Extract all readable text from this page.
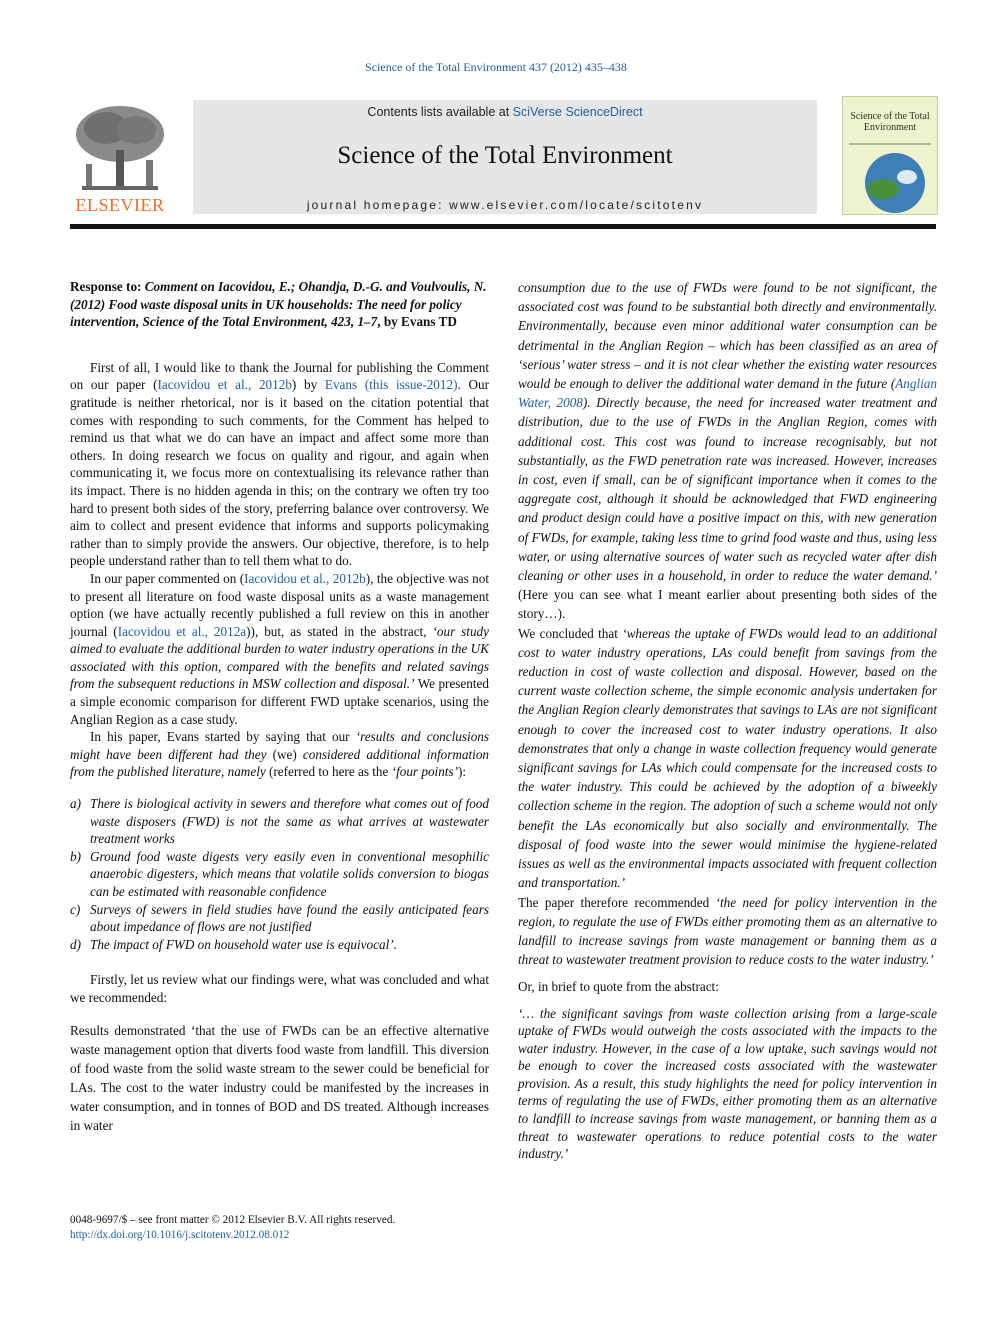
Science of the Total Environment 437 (2012) 435–438
ELSEVIER
Contents lists available at SciVerse ScienceDirect
Science of the Total Environment
journal homepage: www.elsevier.com/locate/scitotenv
Science of the Total Environment
Response to: Comment on Iacovidou, E.; Ohandja, D.-G. and Voulvoulis, N. (2012) Food waste disposal units in UK households: The need for policy intervention, Science of the Total Environment, 423, 1–7, by Evans TD

First of all, I would like to thank the Journal for publishing the Comment on our paper (Iacovidou et al., 2012b) by Evans (this issue-2012). Our gratitude is neither rhetorical, nor is it based on the citation potential that comes with responding to such comments, for the Comment has helped to remind us that what we do can have an impact and affect some more than others. In doing research we focus on quality and rigour, and again when communicating it, we focus more on contextualising its relevance rather than its impact. There is no hidden agenda in this; on the contrary we often try too hard to present both sides of the story, preferring balance over controversy. We aim to collect and present evidence that informs and supports policymaking rather than to simply provide the answers. Our objective, therefore, is to help people understand rather than to tell them what to do.

In our paper commented on (Iacovidou et al., 2012b), the objective was not to present all literature on food waste disposal units as a waste management option (we have actually recently published a full review on this in another journal (Iacovidou et al., 2012a)), but, as stated in the abstract, ‘our study aimed to evaluate the additional burden to water industry operations in the UK associated with this option, compared with the benefits and related savings from the subsequent reductions in MSW collection and disposal.’ We presented a simple economic comparison for different FWD uptake scenarios, using the Anglian Region as a case study.

In his paper, Evans started by saying that our ‘results and conclusions might have been different had they (we) considered additional information from the published literature, namely (referred to here as the ‘four points’):

a) There is biological activity in sewers and therefore what comes out of food waste disposers (FWD) is not the same as what arrives at wastewater treatment works
b) Ground food waste digests very easily even in conventional mesophilic anaerobic digesters, which means that volatile solids conversion to biogas can be estimated with reasonable confidence
c) Surveys of sewers in field studies have found the easily anticipated fears about impedance of flows are not justified
d) The impact of FWD on household water use is equivocal’.

Firstly, let us review what our findings were, what was concluded and what we recommended:

Results demonstrated ‘that the use of FWDs can be an effective alternative waste management option that diverts food waste from landfill. This diversion of food waste from the solid waste stream to the sewer could be beneficial for LAs. The cost to the water industry could be manifested by the increases in water consumption, and in tonnes of BOD and DS treated. Although increases in water

consumption due to the use of FWDs were found to be not significant, the associated cost was found to be substantial both directly and environmentally. Environmentally, because even minor additional water consumption can be detrimental in the Anglian Region – which has been classified as an area of ‘serious’ water stress – and it is not clear whether the existing water resources would be enough to deliver the additional water demand in the future (Anglian Water, 2008). Directly because, the need for increased water treatment and distribution, due to the use of FWDs in the Anglian Region, comes with additional cost. This cost was found to increase recognisably, but not substantially, as the FWD penetration rate was increased. However, increases in cost, even if small, can be of significant importance when it comes to the aggregate cost, although it should be acknowledged that FWD engineering and product design could have a positive impact on this, with new generation of FWDs, for example, taking less time to grind food waste and thus, using less water, or using alternative sources of water such as recycled water after dish cleaning or other uses in a household, in order to reduce the water demand.’ (Here you can see what I meant earlier about presenting both sides of the story…).

We concluded that ‘whereas the uptake of FWDs would lead to an additional cost to water industry operations, LAs could benefit from savings from the reduction in cost of waste collection and disposal. However, based on the current waste collection scheme, the simple economic analysis undertaken for the Anglian Region clearly demonstrates that savings to LAs are not significant enough to cover the increased cost to water industry operations. It also demonstrates that only a change in waste collection frequency would generate significant savings for LAs which could compensate for the increased costs to the water industry. This could be achieved by the adoption of a biweekly collection scheme in the region. The adoption of such a scheme would not only benefit the LAs economically but also socially and environmentally. The disposal of food waste into the sewer would minimise the hygiene-related issues as well as the environmental impacts associated with frequent collection and transportation.’

The paper therefore recommended ‘the need for policy intervention in the region, to regulate the use of FWDs either promoting them as an alternative to landfill to increase savings from waste management or banning them as a threat to wastewater treatment provision to reduce costs to the water industry.’

Or, in brief to quote from the abstract:

‘… the significant savings from waste collection arising from a large-scale uptake of FWDs would outweigh the costs associated with the impacts to the water industry. However, in the case of a low uptake, such savings would not be enough to cover the increased costs associated with the wastewater provision. As a result, this study highlights the need for policy intervention in terms of regulating the use of FWDs, either promoting them as an alternative to landfill to increase savings from waste management, or banning them as a threat to wastewater operations to reduce potential costs to the water industry.’

0048-9697/$ – see front matter © 2012 Elsevier B.V. All rights reserved.
http://dx.doi.org/10.1016/j.scitotenv.2012.08.012
